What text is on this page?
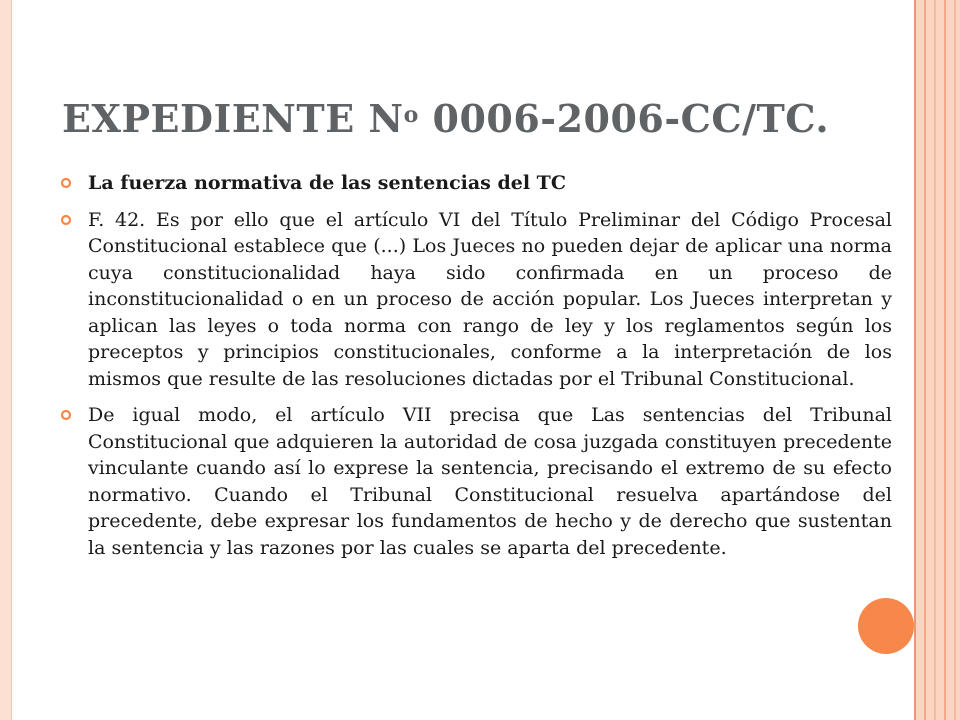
EXPEDIENTE $N^o$ 0006-2006-CC/TC.
La fuerza normativa de las sentencias del TC
F. 42. Es por ello que el artículo VI del Título Preliminar del Código Procesal Constitucional establece que (...) Los Jueces no pueden dejar de aplicar una norma cuya constitucionalidad haya sido confirmada en un proceso de inconstitucionalidad o en un proceso de acción popular. Los Jueces interpretan y aplican las leyes o toda norma con rango de ley y los reglamentos según los preceptos y principios constitucionales, conforme a la interpretación de los mismos que resulte de las resoluciones dictadas por el Tribunal Constitucional.
De igual modo, el artículo VII precisa que Las sentencias del Tribunal Constitucional que adquieren la autoridad de cosa juzgada constituyen precedente vinculante cuando así lo exprese la sentencia, precisando el extremo de su efecto normativo. Cuando el Tribunal Constitucional resuelva apartándose del precedente, debe expresar los fundamentos de hecho y de derecho que sustentan la sentencia y las razones por las cuales se aparta del precedente.
